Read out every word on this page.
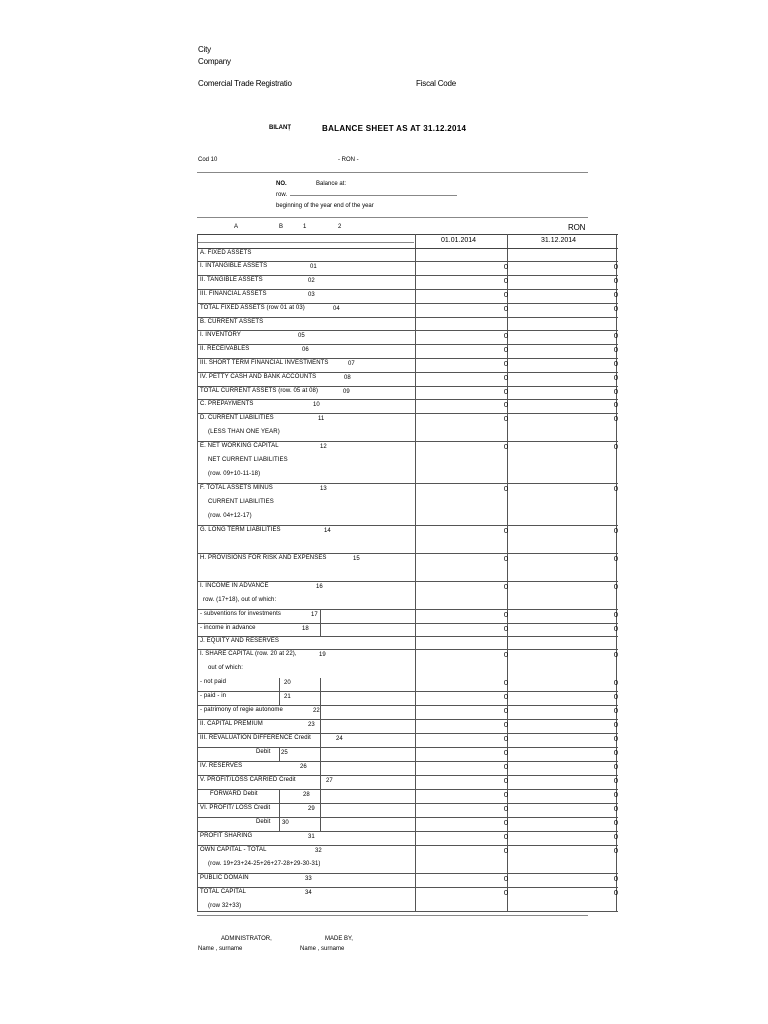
City
Company
Comercial Trade Registratio	Fiscal Code
BILANȚ	BALANCE SHEET AS AT 31.12.2014
Cod 10	- RON -
NO.	Balance at:
row.
beginning of the year end of the year
A	B	1	2	RON
01.01.2014	31.12.2014
A. FIXED ASSETS
I. INTANGIBLE ASSETS	01	0	0
II. TANGIBLE ASSETS	02	0	0
III. FINANCIAL ASSETS	03	0	0
TOTAL FIXED ASSETS (row 01 at 03)	04	0	0
B. CURRENT ASSETS
I. INVENTORY	05	0	0
II. RECEIVABLES	06	0	0
III. SHORT TERM FINANCIAL INVESTMENTS	07	0	0
IV. PETTY CASH AND BANK ACCOUNTS	08	0	0
TOTAL CURRENT ASSETS (row. 05 at 08)	09	0	0
C. PREPAYMENTS	10	0	0
D. CURRENT LIABILITIES
(LESS THAN ONE YEAR)
11	0	0
E. NET WORKING CAPITAL
NET CURRENT LIABILITIES
(row. 09+10-11-18)
12	0	0
F. TOTAL ASSETS MINUS
CURRENT LIABILITIES
(row. 04+12-17)
13	0	0
G. LONG TERM LIABILITIES	14	0	0
H. PROVISIONS FOR RISK AND EXPENSES	15	0	0
I. INCOME IN ADVANCE
row. (17+18), out of which:
16	0	0
- subventions for investments	17	0	0
- income in advance	18	0	0
J. EQUITY AND RESERVES
I. SHARE CAPITAL (row. 20 at 22),
out of which:
19	0	0
- not paid	20	0	0
- paid - in	21	0	0
- patrimony of regie autonome	22	0	0
II. CAPITAL PREMIUM	23	0	0
III. REVALUATION DIFFERENCE Credit	24	0	0
Debit 25	0	0
IV. RESERVES	26	0	0
V. PROFIT/LOSS CARRIED Credit	27	0	0
FORWARD Debit	28	0	0
VI. PROFIT/ LOSS Credit	29	0	0
Debit 30	0	0
PROFIT SHARING	31	0	0
OWN CAPITAL - TOTAL
(row. 19+23+24-25+26+27-28+29-30-31)
32	0	0
PUBLIC DOMAIN	33	0	0
TOTAL CAPITAL
(row 32+33)
34	0	0
ADMINISTRATOR,	MADE BY,
Name , surname	Name , surname
